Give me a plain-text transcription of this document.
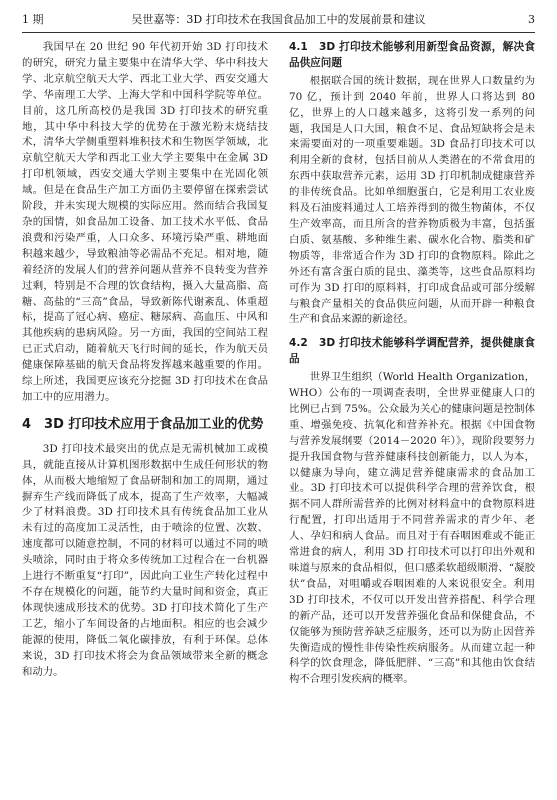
1 期	吴世嘉等：3D 打印技术在我国食品加工中的发展前景和建议	3

我国早在 20 世纪 90 年代初开始 3D 打印技术的研究，研究力量主要集中在清华大学、华中科技大学、北京航空航天大学、西北工业大学、西安交通大学、华南理工大学、上海大学和中国科学院等单位。目前，这几所高校仍是我国 3D 打印技术的研究重地，其中华中科技大学的优势在于激光粉末烧结技术，清华大学侧重塑料堆积技术和生物医学领域，北京航空航天大学和西北工业大学主要集中在金属 3D 打印机领域，西安交通大学则主要集中在光固化领域。但是在食品生产加工方面仍主要停留在探索尝试阶段，并未实现大规模的实际应用。然而结合我国复杂的国情，如食品加工设备、加工技术水平低、食品浪费和污染严重，人口众多、环境污染严重、耕地面积越来越少，导致粮油等必需品不充足。相对地，随着经济的发展人们的营养问题从营养不良转变为营养过剩，特别是不合理的饮食结构，摄入大量高脂、高糖、高盐的“三高”食品，导致新陈代谢紊乱、体重超标，提高了冠心病、癌症、糖尿病、高血压、中风和其他疾病的患病风险。另一方面，我国的空间站工程已正式启动，随着航天飞行时间的延长，作为航天员健康保障基础的航天食品将发挥越来越重要的作用。综上所述，我国更应该充分挖掘 3D 打印技术在食品加工中的应用潜力。

4　3D 打印技术应用于食品加工业的优势

3D 打印技术最突出的优点是无需机械加工或模具，就能直接从计算机图形数据中生成任何形状的物体，从而极大地缩短了食品研制和加工的周期，通过摒弃生产线而降低了成本，提高了生产效率，大幅减少了材料浪费。3D 打印技术具有传统食品加工业从未有过的高度加工灵活性，由于喷涂的位置、次数、速度都可以随意控制，不同的材料可以通过不同的喷头喷涂，同时由于将众多传统加工过程合在一台机器上进行不断重复“打印”，因此向工业生产转化过程中不存在规模化的问题，能节约大量时间和资金，真正体现快速成形技术的优势。3D 打印技术简化了生产工艺，缩小了车间设备的占地面积。相应的也会减少能源的使用，降低二氧化碳排放，有利于环保。总体来说，3D 打印技术将会为食品领域带来全新的概念和动力。

4.1　3D 打印技术能够利用新型食品资源，解决食品供应问题

根据联合国的统计数据，现在世界人口数量约为 70 亿，预计到 2040 年前，世界人口将达到 80 亿，世界上的人口越来越多，这将引发一系列的问题，我国是人口大国，粮食不足、食品短缺将会是未来需要面对的一项重要难题。3D 食品打印技术可以利用全新的食材，包括目前从人类潜在的不常食用的东西中获取营养元素，运用 3D 打印机制成健康营养的非传统食品。比如单细胞蛋白，它是利用工农业废料及石油废料通过人工培养得到的微生物菌体，不仅生产效率高，而且所含的营养物质极为丰富，包括蛋白质、氨基酸、多种维生素、碳水化合物、脂类和矿物质等，非常适合作为 3D 打印的食物原料。除此之外还有富含蛋白质的昆虫、藻类等，这些食品原料均可作为 3D 打印的原料料，打印成食品或可部分缓解与粮食产量相关的食品供应问题，从而开辟一种粮食生产和食品来源的新途径。

4.2　3D 打印技术能够科学调配营养，提供健康食品

世界卫生组织（World Health Organization，WHO）公布的一项调查表明，全世界亚健康人口的比例已占到 75%。公众最为关心的健康问题是控制体重、增强免疫、抗氧化和营养补充。根据《中国食物与营养发展纲要（2014－2020 年）》，现阶段要努力提升我国食物与营养健康科技创新能力，以人为本，以健康为导向，建立满足营养健康需求的食品加工业。3D 打印技术可以提供科学合理的营养饮食，根据不同人群所需营养的比例对材料盒中的食物原料进行配置，打印出适用于不同营养需求的青少年、老人、孕妇和病人食品。而且对于有吞咽困难或不能正常进食的病人，利用 3D 打印技术可以打印出外观和味道与原来的食品相似，但口感柔软超级顺滑、“凝胶状”食品，对咀嚼或吞咽困难的人来说很安全。利用 3D 打印技术，不仅可以开发出营养搭配、科学合理的新产品，还可以开发营养强化食品和保健食品，不仅能够为预防营养缺乏症服务，还可以为防止因营养失衡造成的慢性非传染性疾病服务。从而建立起一种科学的饮食理念，降低肥胖、“三高”和其他由饮食结构不合理引发疾病的概率。
